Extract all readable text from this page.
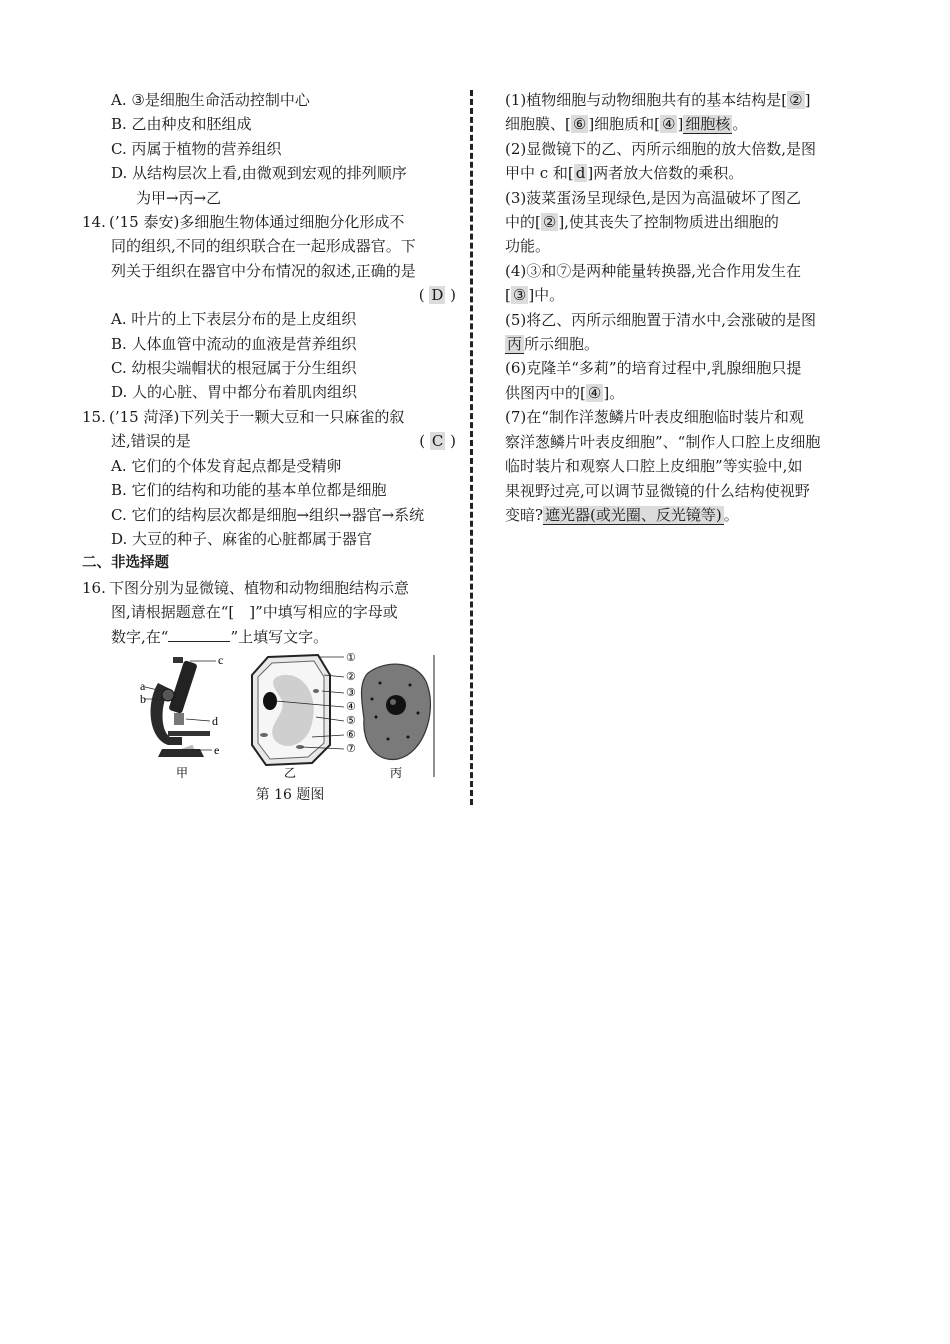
A. ③是细胞生命活动控制中心
B. 乙由种皮和胚组成
C. 丙属于植物的营养组织
D. 从结构层次上看,由微观到宏观的排列顺序
为甲→丙→乙
14. (’15 泰安)多细胞生物体通过细胞分化形成不
同的组织,不同的组织联合在一起形成器官。下
列关于组织在器官中分布情况的叙述,正确的是
( D )
A. 叶片的上下表层分布的是上皮组织
B. 人体血管中流动的血液是营养组织
C. 幼根尖端帽状的根冠属于分生组织
D. 人的心脏、胃中都分布着肌肉组织
15. (’15 菏泽)下列关于一颗大豆和一只麻雀的叙
述,错误的是	( C )
A. 它们的个体发育起点都是受精卵
B. 它们的结构和功能的基本单位都是细胞
C. 它们的结构层次都是细胞→组织→器官→系统
D. 大豆的种子、麻雀的心脏都属于器官
二、非选择题
16. 下图分别为显微镜、植物和动物细胞结构示意
图,请根据题意在“[　]”中填写相应的字母或
数字,在“	”上填写文字。
c
a
b
d
e
①
②
③
④
⑤
⑥
⑦
甲	乙	丙
第 16 题图
(1)植物细胞与动物细胞共有的基本结构是[ ② ]
细胞膜、[ ⑥ ]细胞质和[ ④ ] 细胞核 。
(2)显微镜下的乙、丙所示细胞的放大倍数,是图
甲中 c 和[ d ]两者放大倍数的乘积。
(3)菠菜蛋汤呈现绿色,是因为高温破坏了图乙
中的[ ② ],使其丧失了控制物质进出细胞的
功能。
(4)③和⑦是两种能量转换器,光合作用发生在
[ ③ ]中。
(5)将乙、丙所示细胞置于清水中,会涨破的是图
丙 所示细胞。
(6)克隆羊“多莉”的培育过程中,乳腺细胞只提
供图丙中的[ ④ ]。
(7)在“制作洋葱鳞片叶表皮细胞临时装片和观
察洋葱鳞片叶表皮细胞”、“制作人口腔上皮细胞
临时装片和观察人口腔上皮细胞”等实验中,如
果视野过亮,可以调节显微镜的什么结构使视野
变暗? 遮光器(或光圈、反光镜等) 。
